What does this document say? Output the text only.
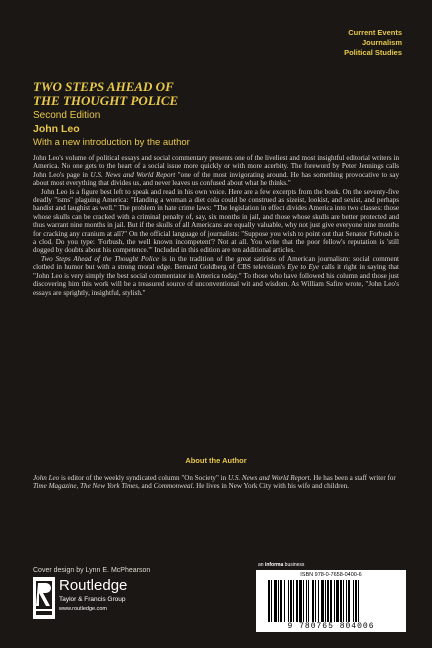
Current Events
Journalism
Political Studies
TWO STEPS AHEAD OF
THE THOUGHT POLICE
Second Edition
John Leo
With a new introduction by the author

John Leo's volume of political essays and social commentary presents one of the liveliest and most insightful editorial writers in America. No one gets to the heart of a social issue more quickly or with more acerbity. The foreword by Peter Jennings calls John Leo's page in U.S. News and World Report "one of the most invigorating around. He has something provocative to say about most everything that divides us, and never leaves us confused about what he thinks."

John Leo is a figure best left to speak and read in his own voice. Here are a few excerpts from the book. On the seventy-five deadly "isms" plaguing America: "Handing a woman a diet cola could be construed as sizeist, lookist, and sexist, and perhaps handist and laughist as well." The problem in hate crime laws: "The legislation in effect divides America into two classes: those whose skulls can be cracked with a criminal penalty of, say, six months in jail, and those whose skulls are better protected and thus warrant nine months in jail. But if the skulls of all Americans are equally valuable, why not just give everyone nine months for cracking any cranium at all?" On the official language of journalists: "Suppose you wish to point out that Senator Forbush is a clod. Do you type: 'Forbush, the well known incompetent'? Not at all. You write that the poor fellow's reputation is 'still dogged by doubts about his competence.'" Included in this edition are ten additional articles.

Two Steps Ahead of the Thought Police is in the tradition of the great satirists of American journalism: social comment clothed in humor but with a strong moral edge. Bernard Goldberg of CBS television's Eye to Eye calls it right in saying that "John Leo is very simply the best social commentator in America today." To those who have followed his column and those just discovering him this work will be a treasured source of unconventional wit and wisdom. As William Safire wrote, "John Leo's essays are sprightly, insightful, stylish."

About the Author
John Leo is editor of the weekly syndicated column "On Society" in U.S. News and World Report. He has been a staff writer for Time Magazine, The New York Times, and Commonweal. He lives in New York City with his wife and children.
Cover design by Lynn E. McPhearson
an informa business
ISBN 978-0-7658-0400-6
9 780765 804006
Routledge
Taylor & Francis Group
www.routledge.com
